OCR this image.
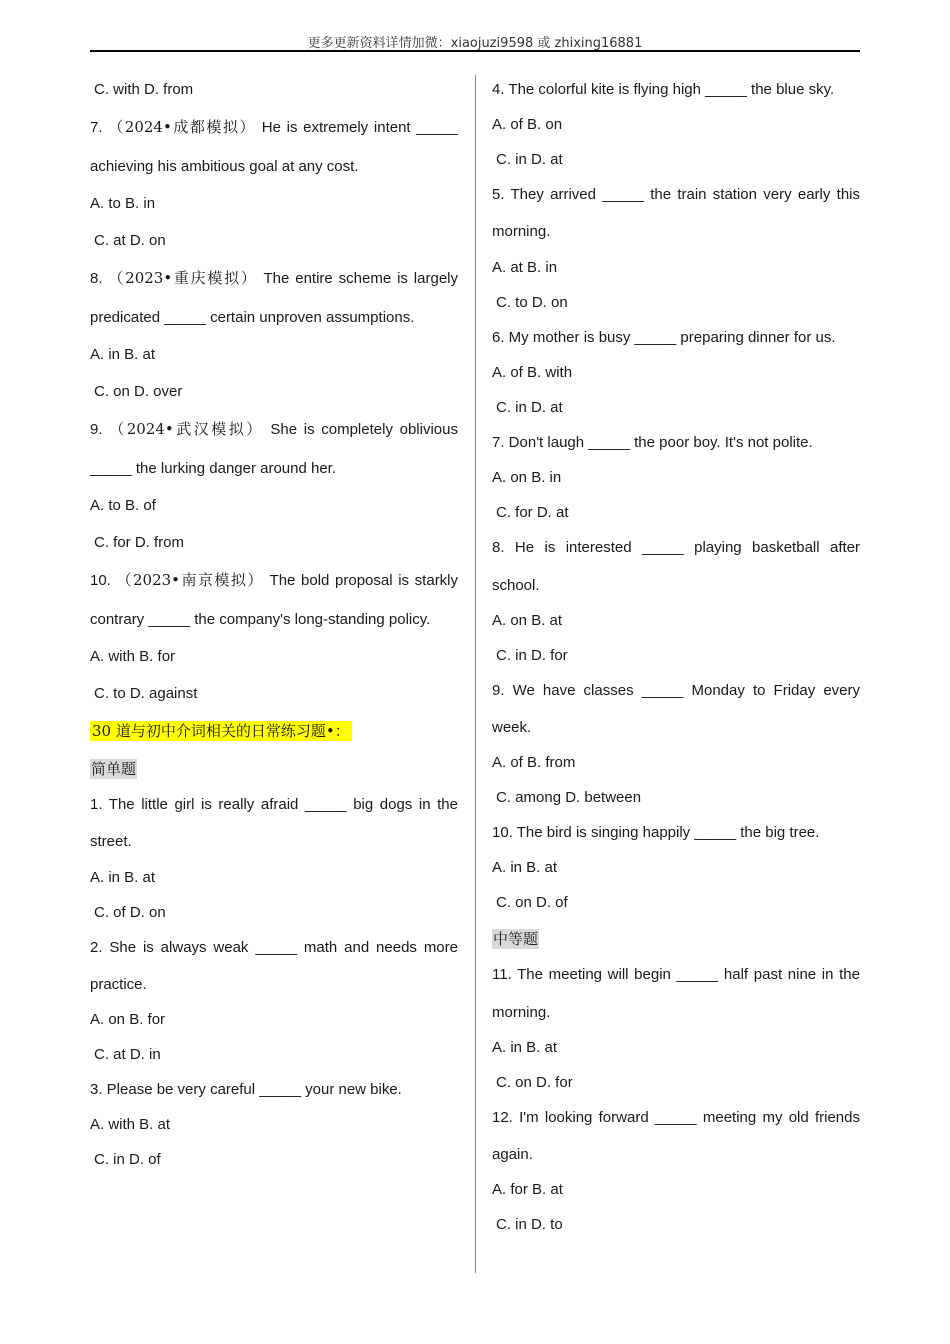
更多更新资料详情加微：xiaojuzi9598 或 zhixing16881
C. with D. from
7. （2024•成都模拟） He is extremely intent _____
achieving his ambitious goal at any cost.
A. to B. in
C. at D. on
8. （2023•重庆模拟） The entire scheme is largely
predicated _____ certain unproven assumptions.
A. in B. at
C. on D. over
9. （2024•武汉模拟） She is completely oblivious
_____ the lurking danger around her.
A. to B. of
C. for D. from
10. （2023•南京模拟） The bold proposal is starkly
contrary _____ the company's long-standing policy.
A. with B. for
C. to D. against
30 道与初中介词相关的日常练习题•：
简单题
1. The little girl is really afraid _____ big dogs in the
street.
A. in B. at
C. of D. on
2. She is always weak _____ math and needs more
practice.
A. on B. for
C. at D. in
3. Please be very careful _____ your new bike.
A. with B. at
C. in D. of
4. The colorful kite is flying high _____ the blue sky.
A. of B. on
C. in D. at
5. They arrived _____ the train station very early this
morning.
A. at B. in
C. to D. on
6. My mother is busy _____ preparing dinner for us.
A. of B. with
C. in D. at
7. Don't laugh _____ the poor boy. It's not polite.
A. on B. in
C. for D. at
8. He is interested _____ playing basketball after
school.
A. on B. at
C. in D. for
9. We have classes _____ Monday to Friday every
week.
A. of B. from
C. among D. between
10. The bird is singing happily _____ the big tree.
A. in B. at
C. on D. of
中等题
11. The meeting will begin _____ half past nine in the
morning.
A. in B. at
C. on D. for
12. I'm looking forward _____ meeting my old friends
again.
A. for B. at
C. in D. to
